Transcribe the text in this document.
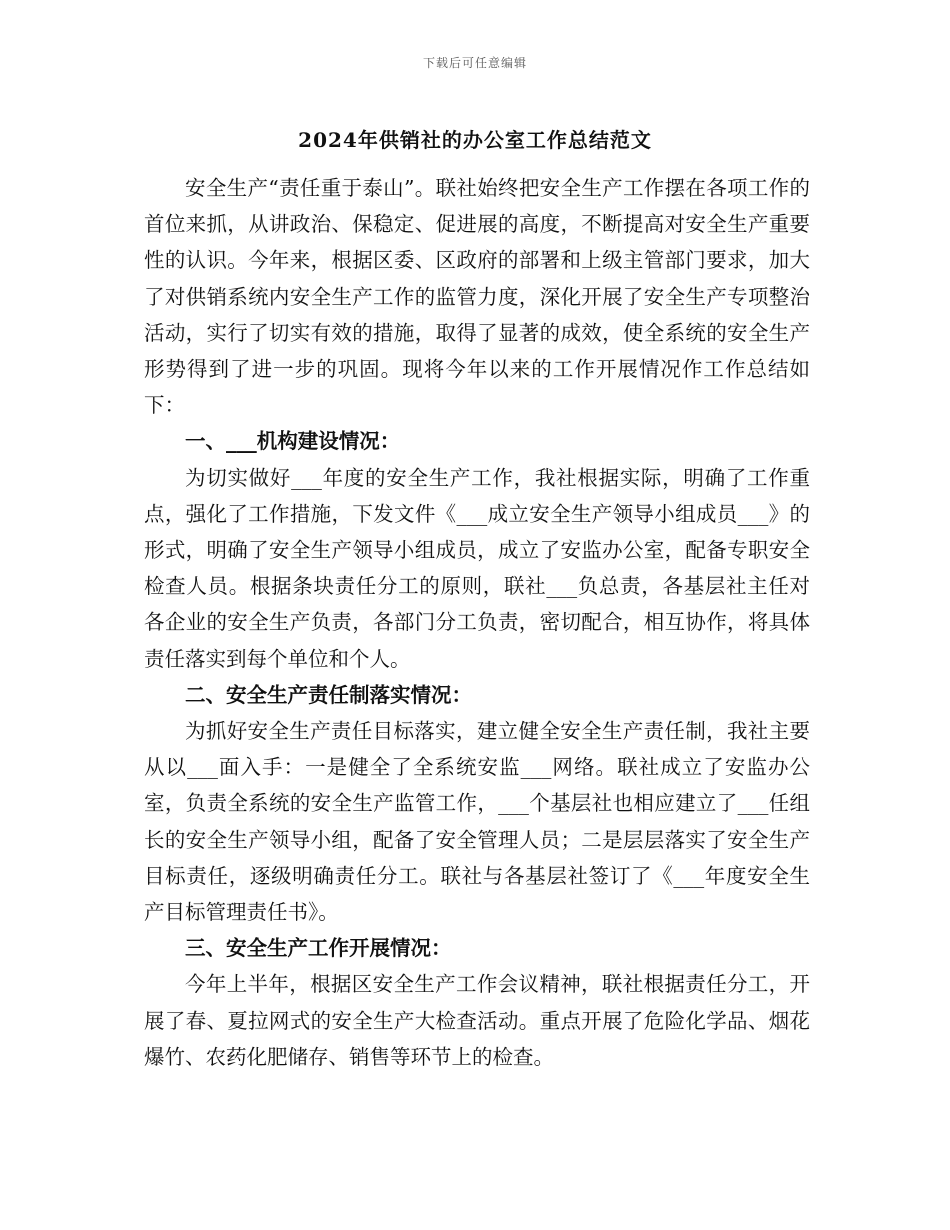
下载后可任意编辑
2024年供销社的办公室工作总结范文

安全生产“责任重于泰山”。联社始终把安全生产工作摆在各项工作的首位来抓，从讲政治、保稳定、促进展的高度，不断提高对安全生产重要性的认识。今年来，根据区委、区政府的部署和上级主管部门要求，加大了对供销系统内安全生产工作的监管力度，深化开展了安全生产专项整治活动，实行了切实有效的措施，取得了显著的成效，使全系统的安全生产形势得到了进一步的巩固。现将今年以来的工作开展情况作工作总结如下：

一、___机构建设情况：

为切实做好___年度的安全生产工作，我社根据实际，明确了工作重点，强化了工作措施，下发文件《___成立安全生产领导小组成员___》的形式，明确了安全生产领导小组成员，成立了安监办公室，配备专职安全检查人员。根据条块责任分工的原则，联社___负总责，各基层社主任对各企业的安全生产负责，各部门分工负责，密切配合，相互协作，将具体责任落实到每个单位和个人。

二、安全生产责任制落实情况：

为抓好安全生产责任目标落实，建立健全安全生产责任制，我社主要从以___面入手：一是健全了全系统安监___网络。联社成立了安监办公室，负责全系统的安全生产监管工作，___个基层社也相应建立了___任组长的安全生产领导小组，配备了安全管理人员；二是层层落实了安全生产目标责任，逐级明确责任分工。联社与各基层社签订了《___年度安全生产目标管理责任书》。

三、安全生产工作开展情况：

今年上半年，根据区安全生产工作会议精神，联社根据责任分工，开展了春、夏拉网式的安全生产大检查活动。重点开展了危险化学品、烟花爆竹、农药化肥储存、销售等环节上的检查。
